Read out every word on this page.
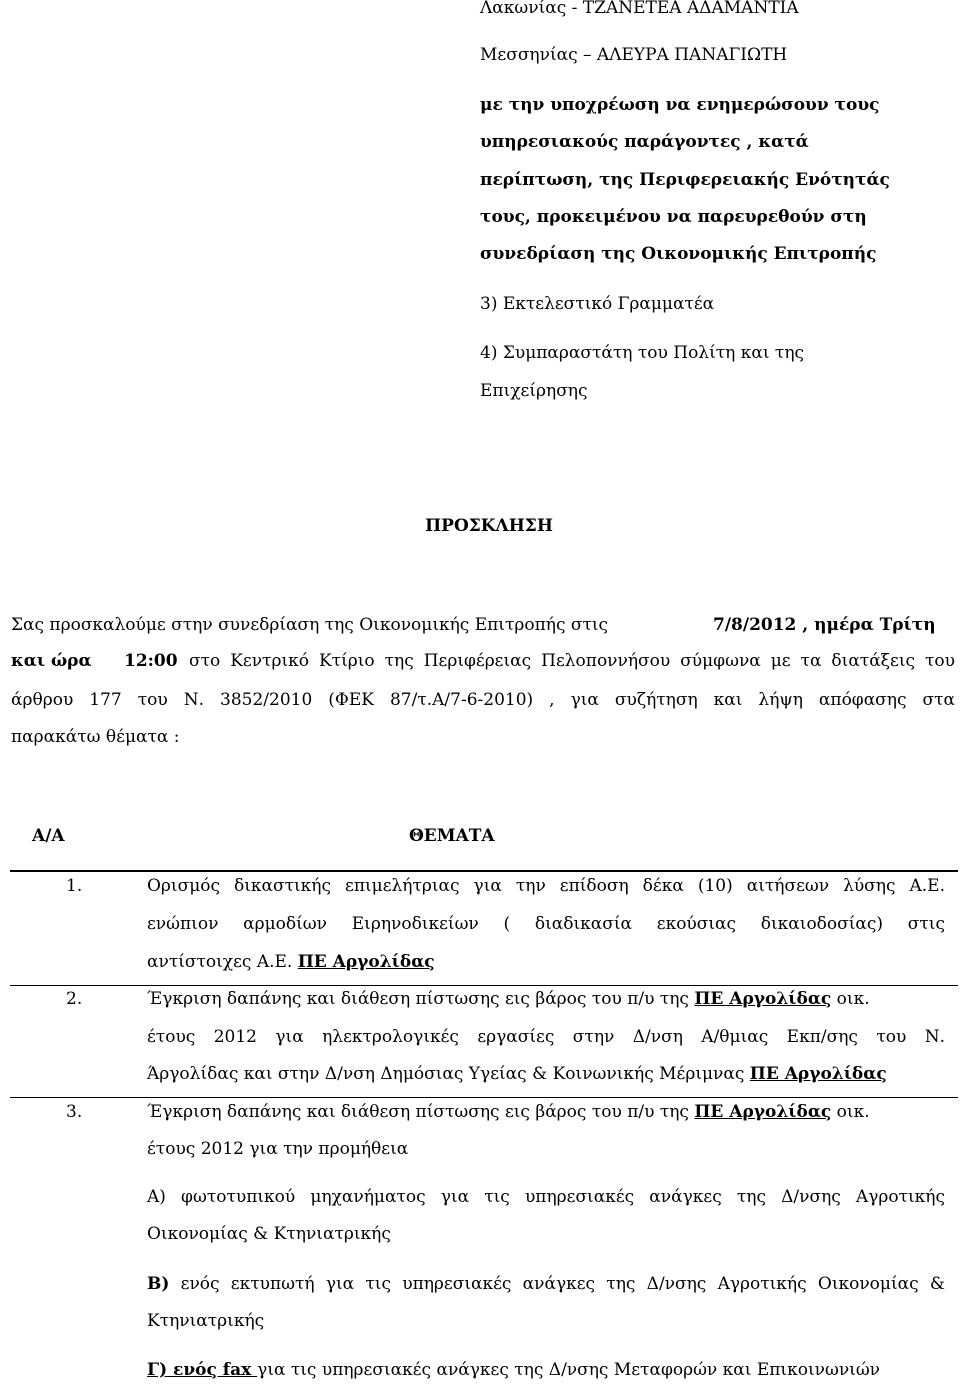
Λακωνίας - ΤΖΑΝΕΤΕΑ ΑΔΑΜΑΝΤΙΑ
Μεσσηνίας – ΑΛΕΥΡΑ ΠΑΝΑΓΙΩΤΗ
με την υποχρέωση να ενημερώσουν τους
υπηρεσιακούς παράγοντες , κατά
περίπτωση, της Περιφερειακής Ενότητάς
τους, προκειμένου να παρευρεθούν στη
συνεδρίαση της Οικονομικής Επιτροπής
3) Εκτελεστικό Γραμματέα
4) Συμπαραστάτη του Πολίτη και της
Επιχείρησης
ΠΡΟΣΚΛΗΣΗ
Σας προσκαλούμε στην συνεδρίαση της Οικονομικής Επιτροπής στις	7/8/2012 , ημέρα Τρίτη
και ώρα 12:00 στο Κεντρικό Κτίριο της Περιφέρειας Πελοποννήσου σύμφωνα με τα διατάξεις του
άρθρου 177 του Ν. 3852/2010 (ΦΕΚ 87/τ.Α/7-6-2010) , για συζήτηση και λήψη απόφασης στα
παρακάτω θέματα :
Α/Α	ΘΕΜΑΤΑ
1.	Ορισμός δικαστικής επιμελήτριας για την επίδοση δέκα (10) αιτήσεων λύσης Α.Ε.
ενώπιον αρμοδίων Ειρηνοδικείων ( διαδικασία εκούσιας δικαιοδοσίας) στις
αντίστοιχες Α.Ε. ΠΕ Αργολίδας
2.	Έγκριση δαπάνης και διάθεση πίστωσης εις βάρος του π/υ της ΠΕ Αργολίδας οικ.
έτους 2012 για ηλεκτρολογικές εργασίες στην Δ/νση Α/θμιας Εκπ/σης του Ν.
Άργολίδας και στην Δ/νση Δημόσιας Υγείας & Κοινωνικής Μέριμνας ΠΕ Αργολίδας
3.	Έγκριση δαπάνης και διάθεση πίστωσης εις βάρος του π/υ της ΠΕ Αργολίδας οικ.
έτους 2012 για την προμήθεια
Α) φωτοτυπικού μηχανήματος για τις υπηρεσιακές ανάγκες της Δ/νσης Αγροτικής
Οικονομίας & Κτηνιατρικής
Β) ενός εκτυπωτή για τις υπηρεσιακές ανάγκες της Δ/νσης Αγροτικής Οικονομίας &
Κτηνιατρικής
Γ) ενός fax για τις υπηρεσιακές ανάγκες της Δ/νσης Μεταφορών και Επικοινωνιών
